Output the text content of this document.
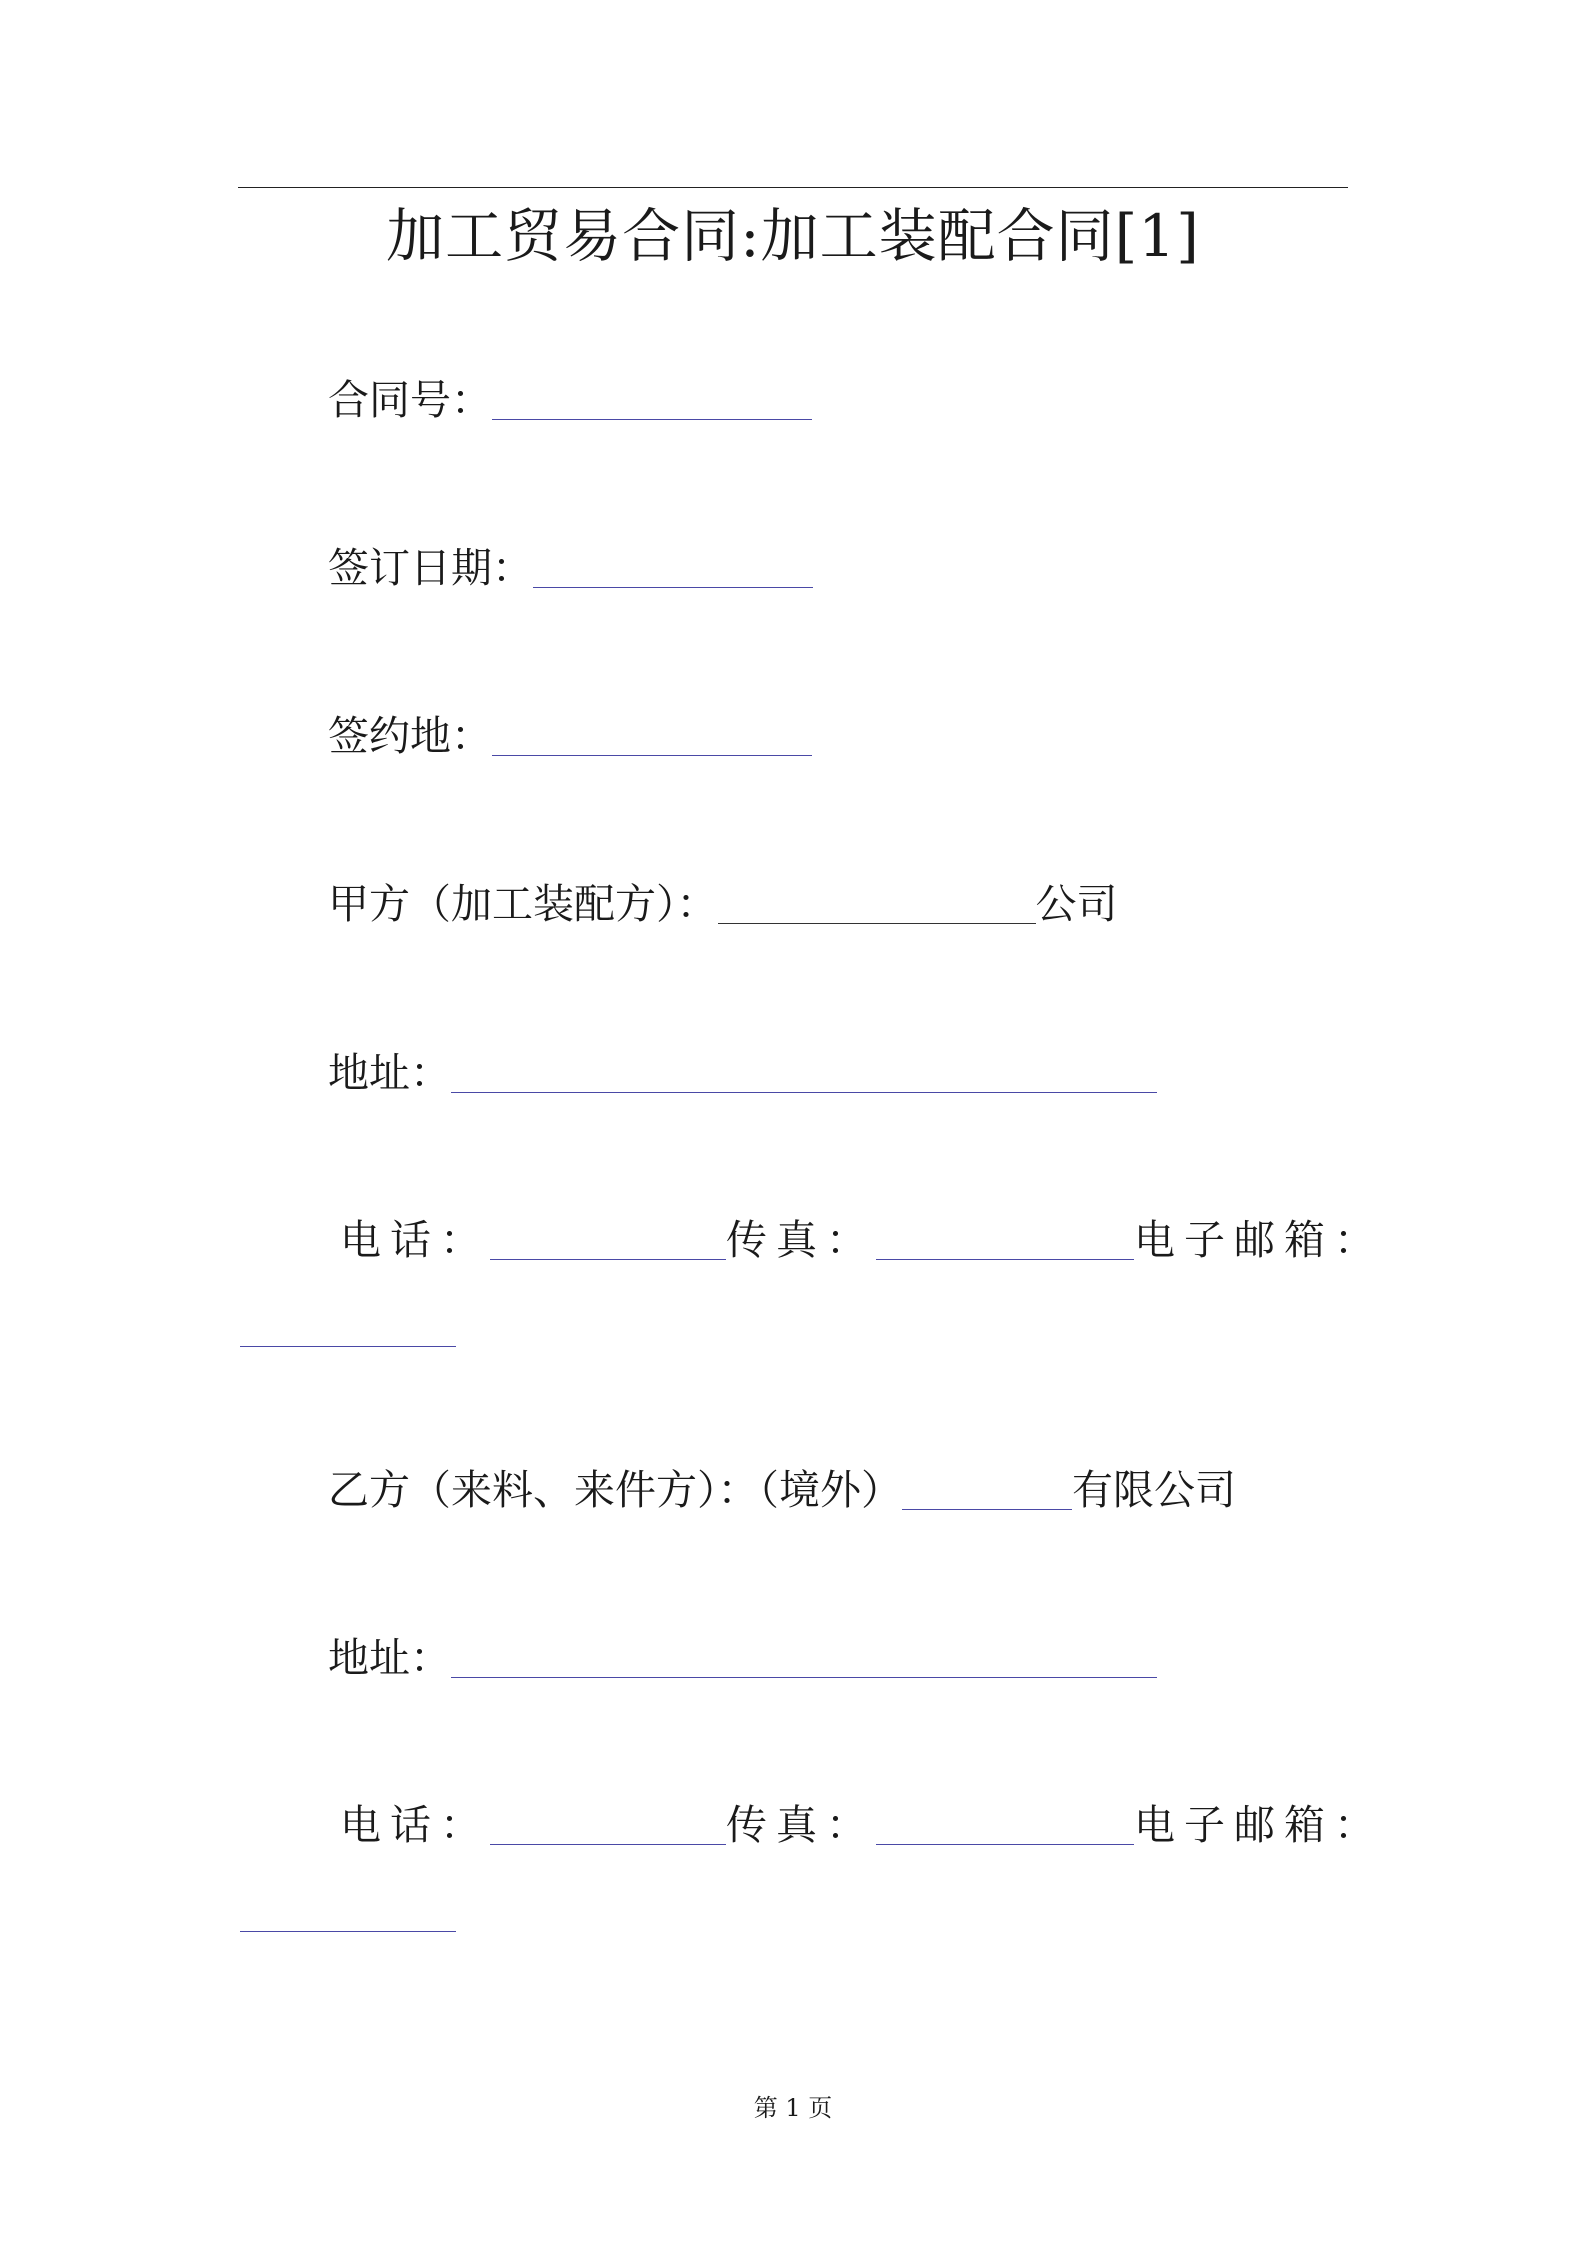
加工贸易合同:加工装配合同[1]
合同号：
签订日期：
签约地：
甲方（加工装配方）：	公司
地址：
电话：	传真：	电子邮箱：
乙方（来料、来件方）：（境外）	有限公司
地址：
电话：	传真：	电子邮箱：
第 1 页
